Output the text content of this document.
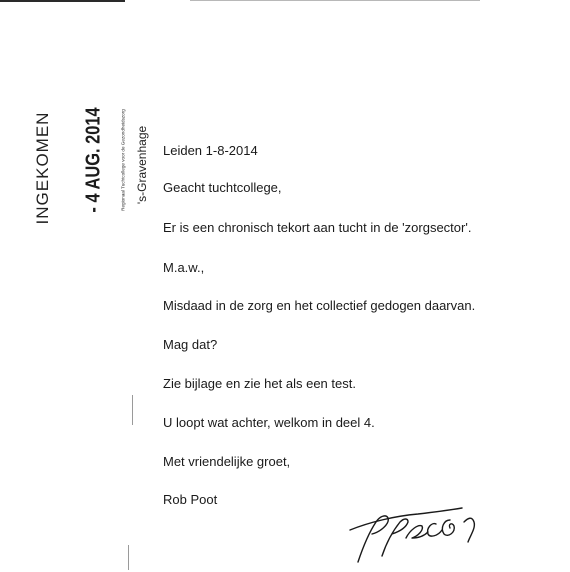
INGEKOMEN - 4 AUG. 2014	Regionaal Tuchtcollege voor de Gezondheidszorg 's-Gravenhage Leiden 1-8-2014
Geacht tuchtcollege,
Er is een chronisch tekort aan tucht in de 'zorgsector'.
M.a.w.,
Misdaad in de zorg en het collectief gedogen daarvan.
Mag dat?
Zie bijlage en zie het als een test.
U loopt wat achter, welkom in deel 4.
Met vriendelijke groet,
Rob Poot
